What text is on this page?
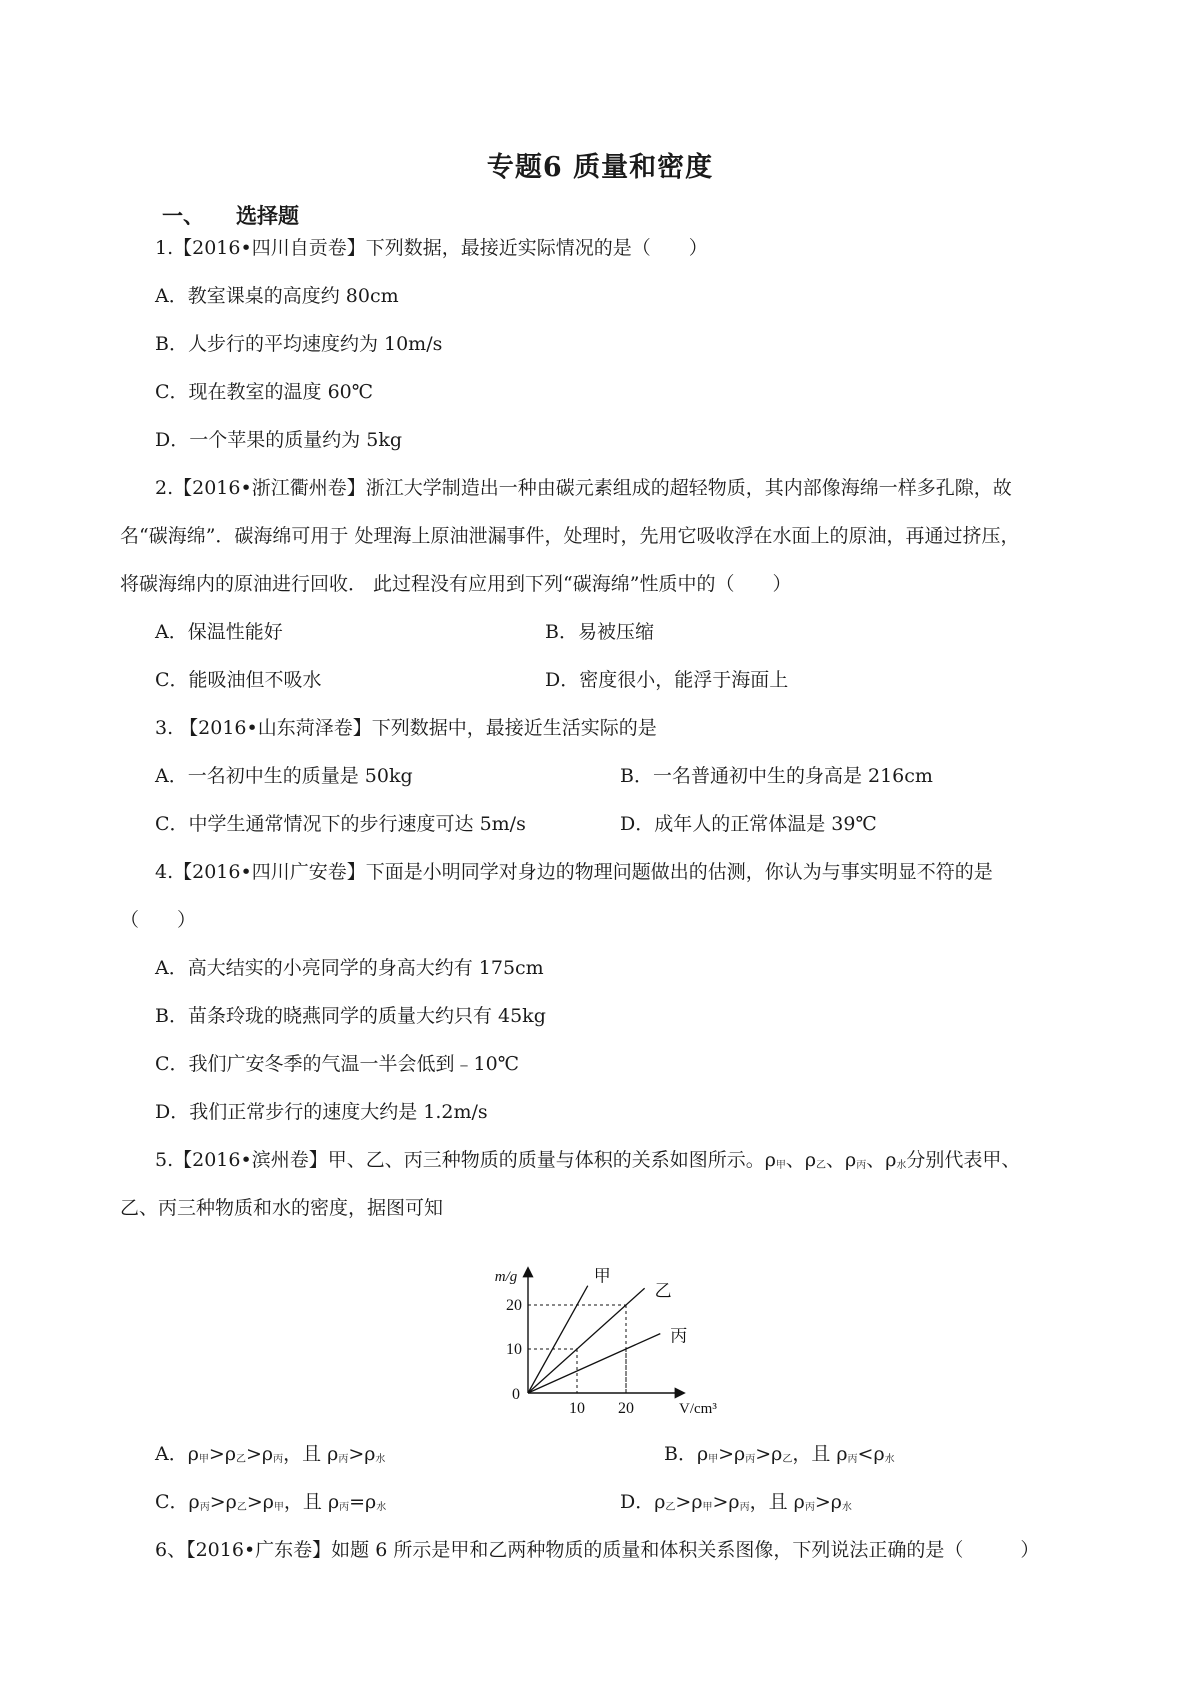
专题6 质量和密度
一、 选择题
1.【2016•四川自贡卷】下列数据，最接近实际情况的是（　　）
A．教室课桌的高度约 80cm
B．人步行的平均速度约为 10m/s
C．现在教室的温度 60℃
D．一个苹果的质量约为 5kg
2.【2016•浙江衢州卷】浙江大学制造出一种由碳元素组成的超轻物质，其内部像海绵一样多孔隙，故
名“碳海绵”．碳海绵可用于 处理海上原油泄漏事件，处理时，先用它吸收浮在水面上的原油，再通过挤压，
将碳海绵内的原油进行回收． 此过程没有应用到下列“碳海绵”性质中的（　　）
A．保温性能好	B．易被压缩
C．能吸油但不吸水	D．密度很小，能浮于海面上
3. 【2016•山东菏泽卷】下列数据中，最接近生活实际的是
A．一名初中生的质量是 50kg	B．一名普通初中生的身高是 216cm
C．中学生通常情况下的步行速度可达 5m/s	D．成年人的正常体温是 39℃
4.【2016•四川广安卷】下面是小明同学对身边的物理问题做出的估测，你认为与事实明显不符的是
（　　）
A．高大结实的小亮同学的身高大约有 175cm
B．苗条玲珑的晓燕同学的质量大约只有 45kg
C．我们广安冬季的气温一半会低到﹣10℃
D．我们正常步行的速度大约是 1.2m/s
5.【2016•滨州卷】甲、乙、丙三种物质的质量与体积的关系如图所示。$\rho_甲$、$\rho_乙$、$\rho_丙$、$\rho_水$分别代表甲、
乙、丙三种物质和水的密度，据图可知
10 20
10
20
0
甲
乙
丙
m/g
V/cm³
A．$\rho_甲>\rho_乙>\rho_丙$，且 $\rho_丙>\rho_水$	B．$\rho_甲>\rho_丙>\rho_乙$，且 $\rho_丙<\rho_水$
C．$\rho_丙>\rho_乙>\rho_甲$，且 $\rho_丙=\rho_水$	D．$\rho_乙>\rho_甲>\rho_丙$，且 $\rho_丙>\rho_水$
6、【2016•广东卷】如题 6 所示是甲和乙两种物质的质量和体积关系图像，下列说法正确的是（　　　）
